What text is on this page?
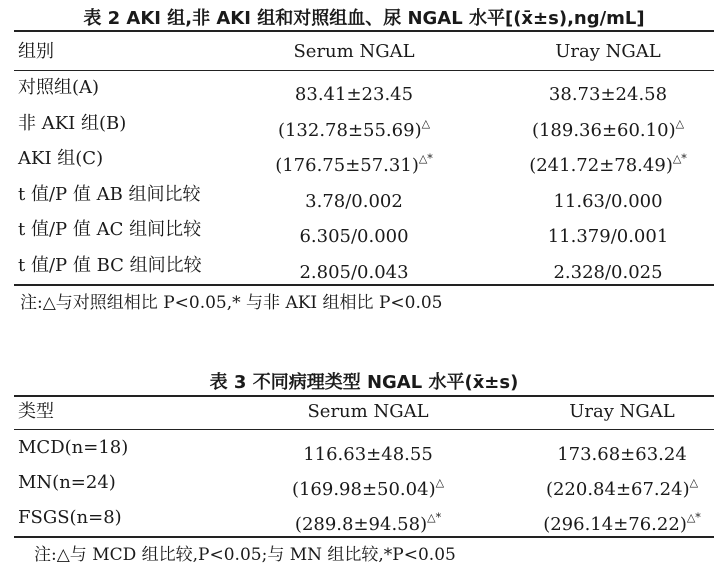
表 2 AKI 组,非 AKI 组和对照组血、尿 NGAL 水平[(x̄±s),ng/mL]
组别	Serum NGAL	Uray NGAL
对照组(A)	83.41±23.45	38.73±24.58
非 AKI 组(B)	(132.78±55.69)△	(189.36±60.10)△
AKI 组(C)	(176.75±57.31)△*	(241.72±78.49)△*
t 值/P 值 AB 组间比较	3.78/0.002	11.63/0.000
t 值/P 值 AC 组间比较	6.305/0.000	11.379/0.001
t 值/P 值 BC 组间比较	2.805/0.043	2.328/0.025
注:△与对照组相比 P<0.05,* 与非 AKI 组相比 P<0.05
表 3 不同病理类型 NGAL 水平(x̄±s)
类型	Serum NGAL	Uray NGAL
MCD(n=18)	116.63±48.55	173.68±63.24
MN(n=24)	(169.98±50.04)△	(220.84±67.24)△
FSGS(n=8)	(289.8±94.58)△*	(296.14±76.22)△*
注:△与 MCD 组比较,P<0.05;与 MN 组比较,*P<0.05
